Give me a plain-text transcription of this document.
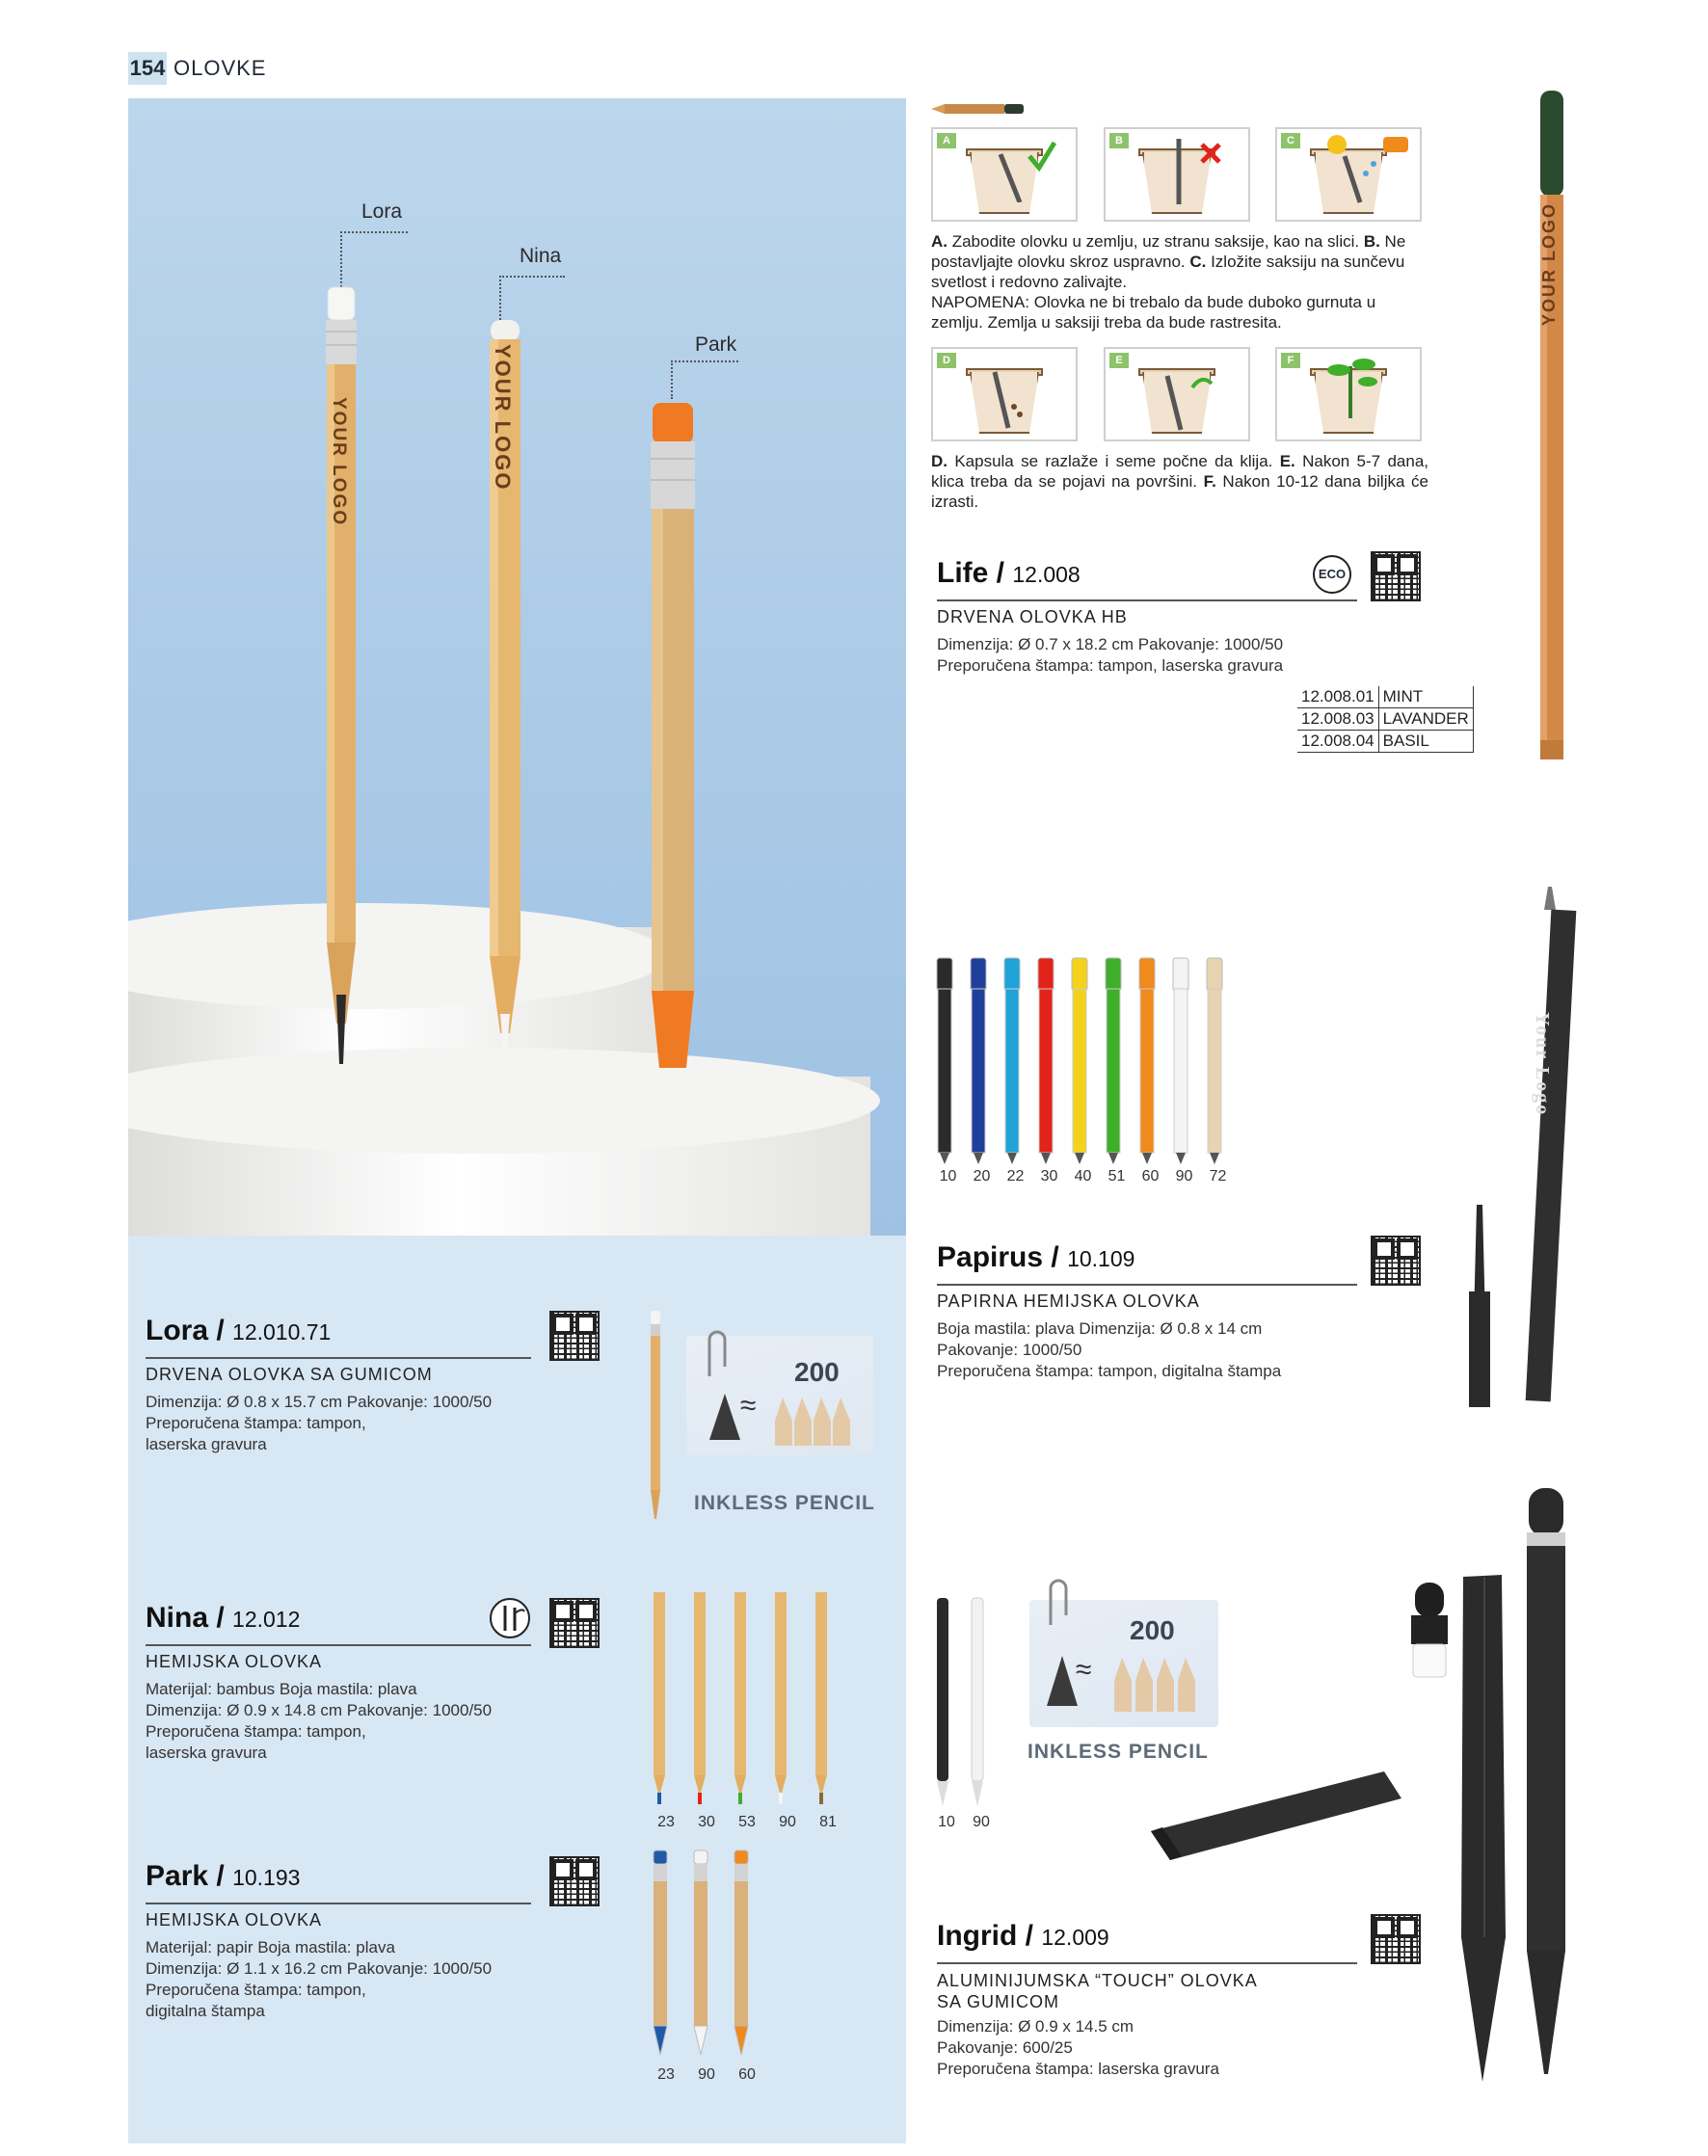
154 OLOVKE
Lora
Nina
Park
YOUR LOGO	YOUR LOGO
A	B	C

A. Zabodite olovku u zemlju, uz stranu saksije, kao na slici. B. Ne postavljajte olovku skroz uspravno. C. Izložite saksiju na sunčevu svetlost i redovno zalivajte.
NAPOMENA: Olovka ne bi trebalo da bude duboko gurnuta u zemlju. Zemlja u saksiji treba da bude rastresita.

D	E	F

D. Kapsula se razlaže i seme počne da klija. E. Nakon 5-7 dana, klica treba da se pojavi na površini. F. Nakon 10-12 dana biljka će izrasti.

Life / 12.008	ECO
DRVENA OLOVKA HB
Dimenzija: Ø 0.7 x 18.2 cm Pakovanje: 1000/50
Preporučena štampa: tampon, laserska gravura
12.008.01	MINT
12.008.03	LAVANDER
12.008.04	BASIL
YOUR LOGO
10	20	22	30	40	51	60	90	72
Papirus / 10.109
PAPIRNA HEMIJSKA OLOVKA
Boja mastila: plava Dimenzija: Ø 0.8 x 14 cm
Pakovanje: 1000/50
Preporučena štampa: tampon, digitalna štampa
Your Logo
Lora / 12.010.71
DRVENA OLOVKA SA GUMICOM
Dimenzija: Ø 0.8 x 15.7 cm Pakovanje: 1000/50
Preporučena štampa: tampon,
laserska gravura
200
≈
INKLESS PENCIL
Nina / 12.012
HEMIJSKA OLOVKA
Materijal: bambus Boja mastila: plava
Dimenzija: Ø 0.9 x 14.8 cm Pakovanje: 1000/50
Preporučena štampa: tampon,
laserska gravura
23	30	53	90	81
Park / 10.193
HEMIJSKA OLOVKA
Materijal: papir Boja mastila: plava
Dimenzija: Ø 1.1 x 16.2 cm Pakovanje: 1000/50
Preporučena štampa: tampon,
digitalna štampa
23	90	60
10	90
200
≈
INKLESS PENCIL
Ingrid / 12.009
ALUMINIJUMSKA “TOUCH” OLOVKA
SA GUMICOM
Dimenzija: Ø 0.9 x 14.5 cm
Pakovanje: 600/25
Preporučena štampa: laserska gravura
